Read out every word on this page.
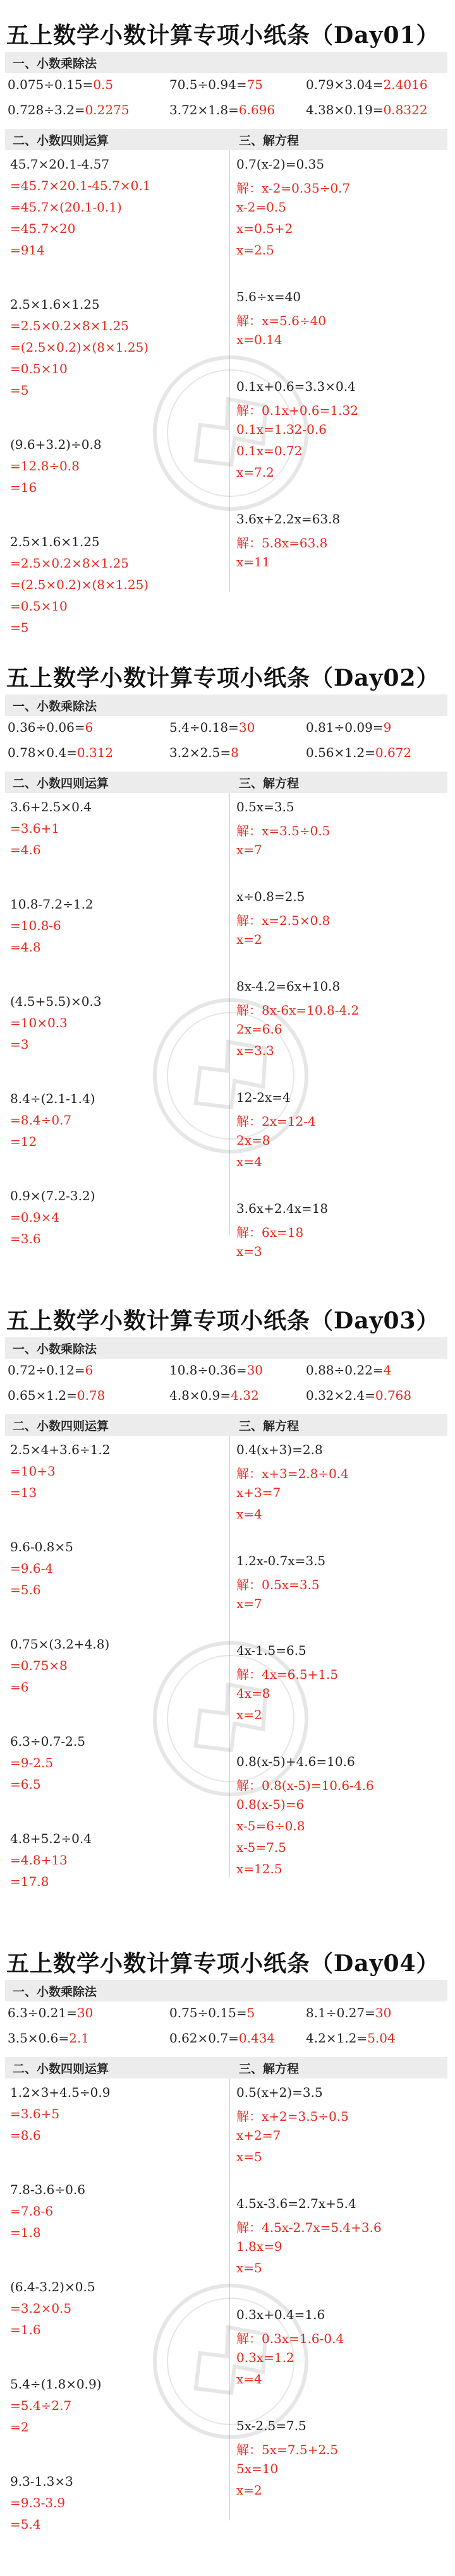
五上数学小数计算专项小纸条（Day01）
一、小数乘除法
0.075÷0.15=0.5	70.5÷0.94=75	0.79×3.04=2.4016
0.728÷3.2=0.2275	3.72×1.8=6.696 4.38×0.19=0.8322
二、小数四则运算	三、解方程
45.7×20.1-4.57
=45.7×20.1-45.7×0.1
=45.7×(20.1-0.1)
=45.7×20
=914
2.5×1.6×1.25
=2.5×0.2×8×1.25
=(2.5×0.2)×(8×1.25)
=0.5×10
=5
(9.6+3.2)÷0.8
=12.8÷0.8
=16
2.5×1.6×1.25
=2.5×0.2×8×1.25
=(2.5×0.2)×(8×1.25)
=0.5×10
=5
0.7(x-2)=0.35
解：x-2=0.35÷0.7
x-2=0.5
x=0.5+2
x=2.5
5.6÷x=40
解：x=5.6÷40
x=0.14
0.1x+0.6=3.3×0.4
解：0.1x+0.6=1.32
0.1x=1.32-0.6
0.1x=0.72
x=7.2
3.6x+2.2x=63.8
解：5.8x=63.8
x=11
五上数学小数计算专项小纸条（Day02）
一、小数乘除法
0.36÷0.06=6	5.4÷0.18=30	0.81÷0.09=9
0.78×0.4=0.312	3.2×2.5=8	0.56×1.2=0.672
二、小数四则运算	三、解方程
3.6+2.5×0.4
=3.6+1
=4.6
10.8-7.2÷1.2
=10.8-6
=4.8
(4.5+5.5)×0.3
=10×0.3
=3
8.4÷(2.1-1.4)
=8.4÷0.7
=12
0.9×(7.2-3.2)
=0.9×4
=3.6
0.5x=3.5
解：x=3.5÷0.5
x=7
x÷0.8=2.5
解：x=2.5×0.8
x=2
8x-4.2=6x+10.8
解：8x-6x=10.8-4.2
2x=6.6
x=3.3
12-2x=4
解：2x=12-4
2x=8
x=4
3.6x+2.4x=18
解：6x=18
x=3
五上数学小数计算专项小纸条（Day03）
一、小数乘除法
0.72÷0.12=6	10.8÷0.36=30	0.88÷0.22=4
0.65×1.2=0.78	4.8×0.9=4.32	0.32×2.4=0.768
二、小数四则运算	三、解方程
2.5×4+3.6÷1.2
=10+3
=13
9.6-0.8×5
=9.6-4
=5.6
0.75×(3.2+4.8)
=0.75×8
=6
6.3÷0.7-2.5
=9-2.5
=6.5
4.8+5.2÷0.4
=4.8+13
=17.8
0.4(x+3)=2.8
解：x+3=2.8÷0.4
x+3=7
x=4
1.2x-0.7x=3.5
解：0.5x=3.5
x=7
4x-1.5=6.5
解：4x=6.5+1.5
4x=8
x=2
0.8(x-5)+4.6=10.6
解：0.8(x-5)=10.6-4.6
0.8(x-5)=6
x-5=6÷0.8
x-5=7.5
x=12.5
五上数学小数计算专项小纸条（Day04）
一、小数乘除法
6.3÷0.21=30	0.75÷0.15=5	8.1÷0.27=30
3.5×0.6=2.1	0.62×0.7=0.434 4.2×1.2=5.04
二、小数四则运算	三、解方程
1.2×3+4.5÷0.9
=3.6+5
=8.6
7.8-3.6÷0.6
=7.8-6
=1.8
(6.4-3.2)×0.5
=3.2×0.5
=1.6
5.4÷(1.8×0.9)
=5.4÷2.7
=2
9.3-1.3×3
=9.3-3.9
=5.4
0.5(x+2)=3.5
解：x+2=3.5÷0.5
x+2=7
x=5
4.5x-3.6=2.7x+5.4
解：4.5x-2.7x=5.4+3.6
1.8x=9
x=5
0.3x+0.4=1.6
解：0.3x=1.6-0.4
0.3x=1.2
x=4
5x-2.5=7.5
解：5x=7.5+2.5
5x=10
x=2
